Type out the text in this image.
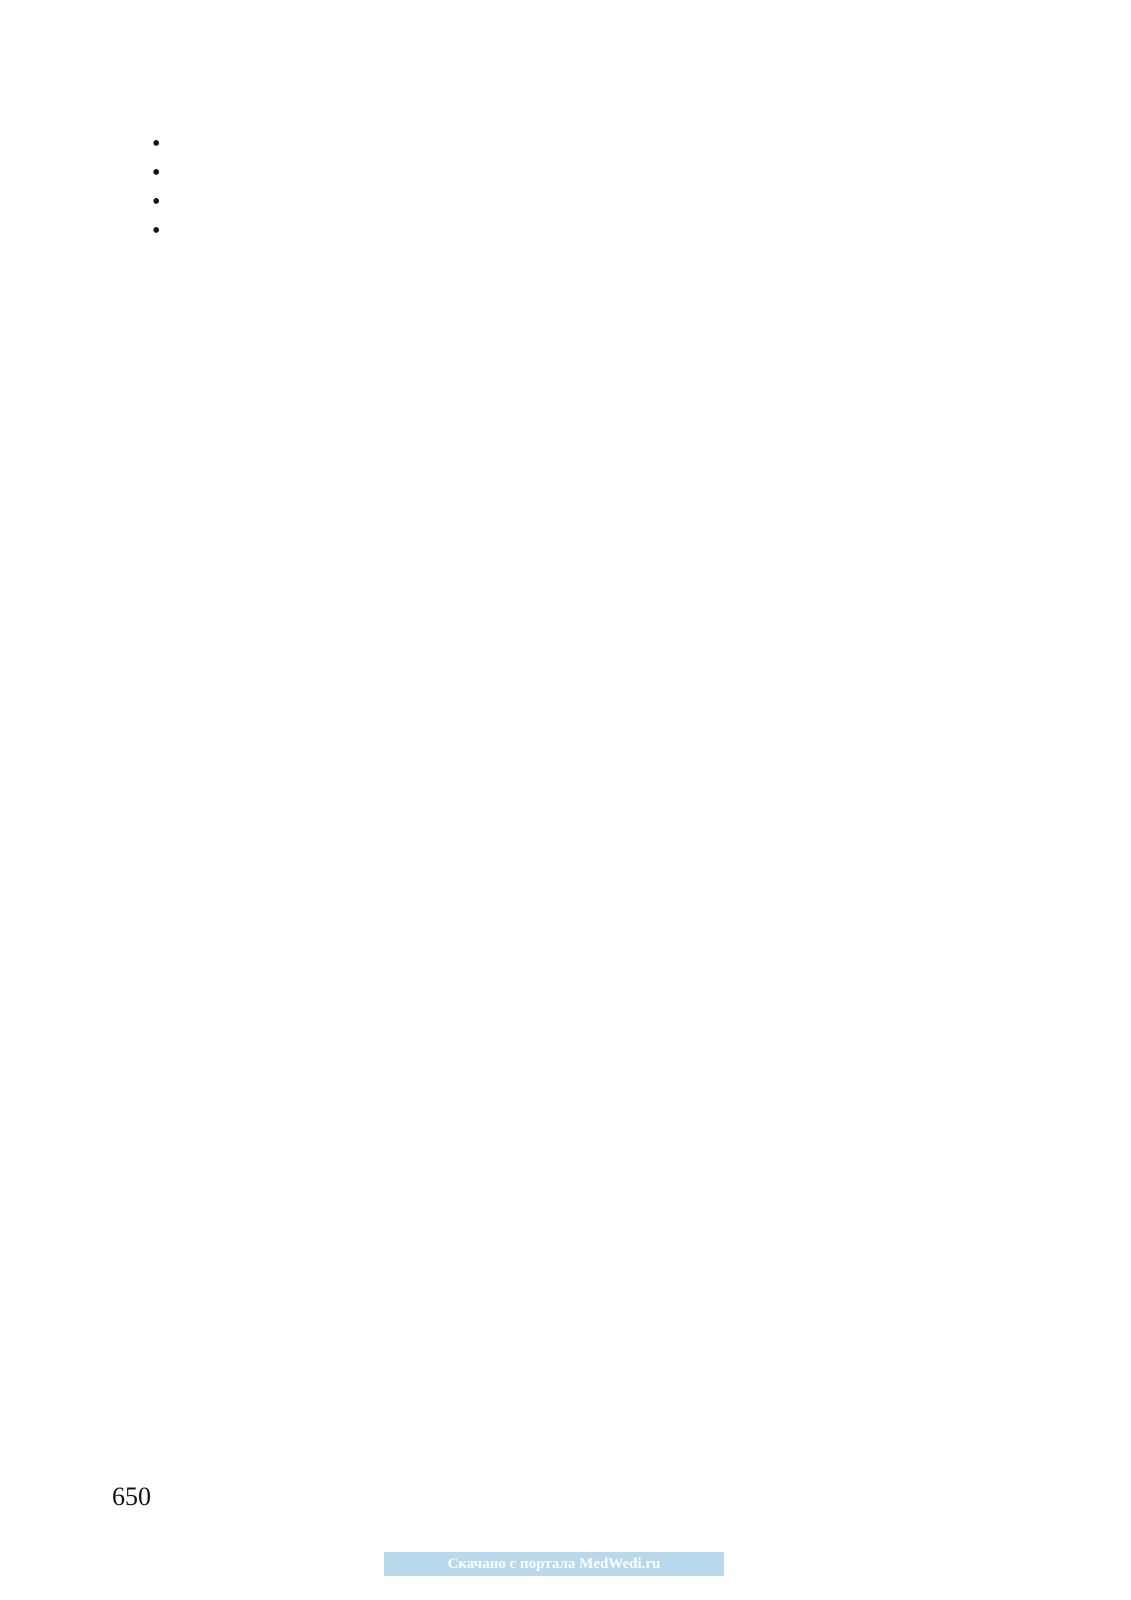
•
•
•
•

650
Скачано с портала MedWedi.ru
